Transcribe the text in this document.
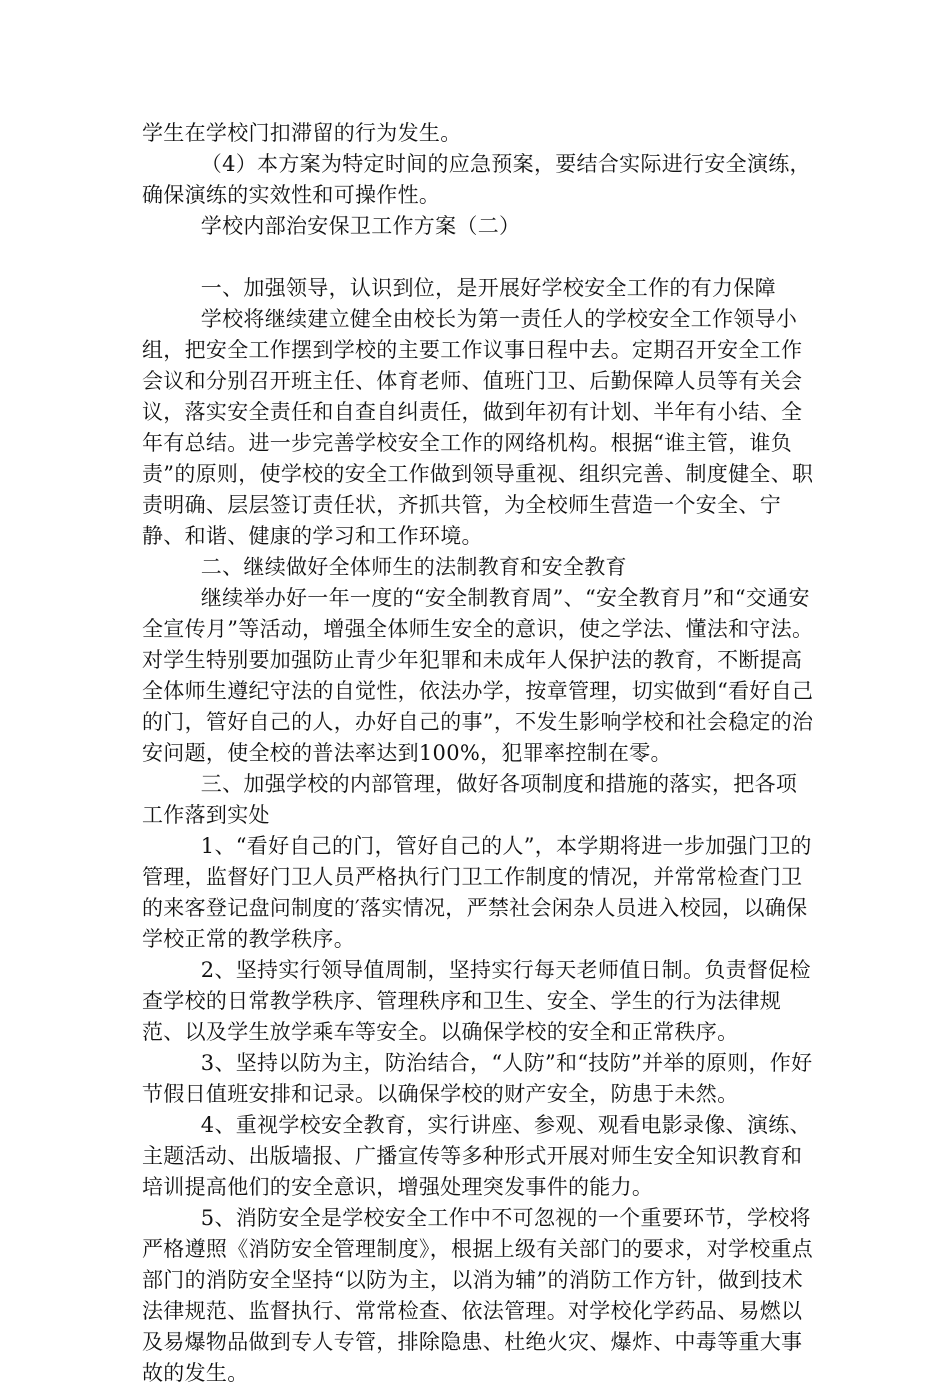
学生在学校门扣滞留的行为发生。

（4）本方案为特定时间的应急预案，要结合实际进行安全演练，确保演练的实效性和可操作性。

学校内部治安保卫工作方案（二）

一、加强领导，认识到位，是开展好学校安全工作的有力保障

学校将继续建立健全由校长为第一责任人的学校安全工作领导小组，把安全工作摆到学校的主要工作议事日程中去。定期召开安全工作会议和分别召开班主任、体育老师、值班门卫、后勤保障人员等有关会议，落实安全责任和自查自纠责任，做到年初有计划、半年有小结、全年有总结。进一步完善学校安全工作的网络机构。根据“谁主管，谁负责”的原则，使学校的安全工作做到领导重视、组织完善、制度健全、职责明确、层层签订责任状，齐抓共管，为全校师生营造一个安全、宁静、和谐、健康的学习和工作环境。

二、继续做好全体师生的法制教育和安全教育

继续举办好一年一度的“安全制教育周”、“安全教育月”和“交通安全宣传月”等活动，增强全体师生安全的意识，使之学法、懂法和守法。对学生特别要加强防止青少年犯罪和未成年人保护法的教育，不断提高全体师生遵纪守法的自觉性，依法办学，按章管理，切实做到“看好自己的门，管好自己的人，办好自己的事”，不发生影响学校和社会稳定的治安问题，使全校的普法率达到100%，犯罪率控制在零。

三、加强学校的内部管理，做好各项制度和措施的落实，把各项工作落到实处

1、“看好自己的门，管好自己的人”，本学期将进一步加强门卫的管理，监督好门卫人员严格执行门卫工作制度的情况，并常常检查门卫的来客登记盘问制度的′落实情况，严禁社会闲杂人员进入校园，以确保学校正常的教学秩序。

2、坚持实行领导值周制，坚持实行每天老师值日制。负责督促检查学校的日常教学秩序、管理秩序和卫生、安全、学生的行为法律规范、以及学生放学乘车等安全。以确保学校的安全和正常秩序。

3、坚持以防为主，防治结合，“人防”和“技防”并举的原则，作好节假日值班安排和记录。以确保学校的财产安全，防患于未然。

4、重视学校安全教育，实行讲座、参观、观看电影录像、演练、主题活动、出版墙报、广播宣传等多种形式开展对师生安全知识教育和培训提高他们的安全意识，增强处理突发事件的能力。

5、消防安全是学校安全工作中不可忽视的一个重要环节，学校将严格遵照《消防安全管理制度》，根据上级有关部门的要求，对学校重点部门的消防安全坚持“以防为主，以消为辅”的消防工作方针，做到技术法律规范、监督执行、常常检查、依法管理。对学校化学药品、易燃以及易爆物品做到专人专管，排除隐患、杜绝火灾、爆炸、中毒等重大事故的发生。
